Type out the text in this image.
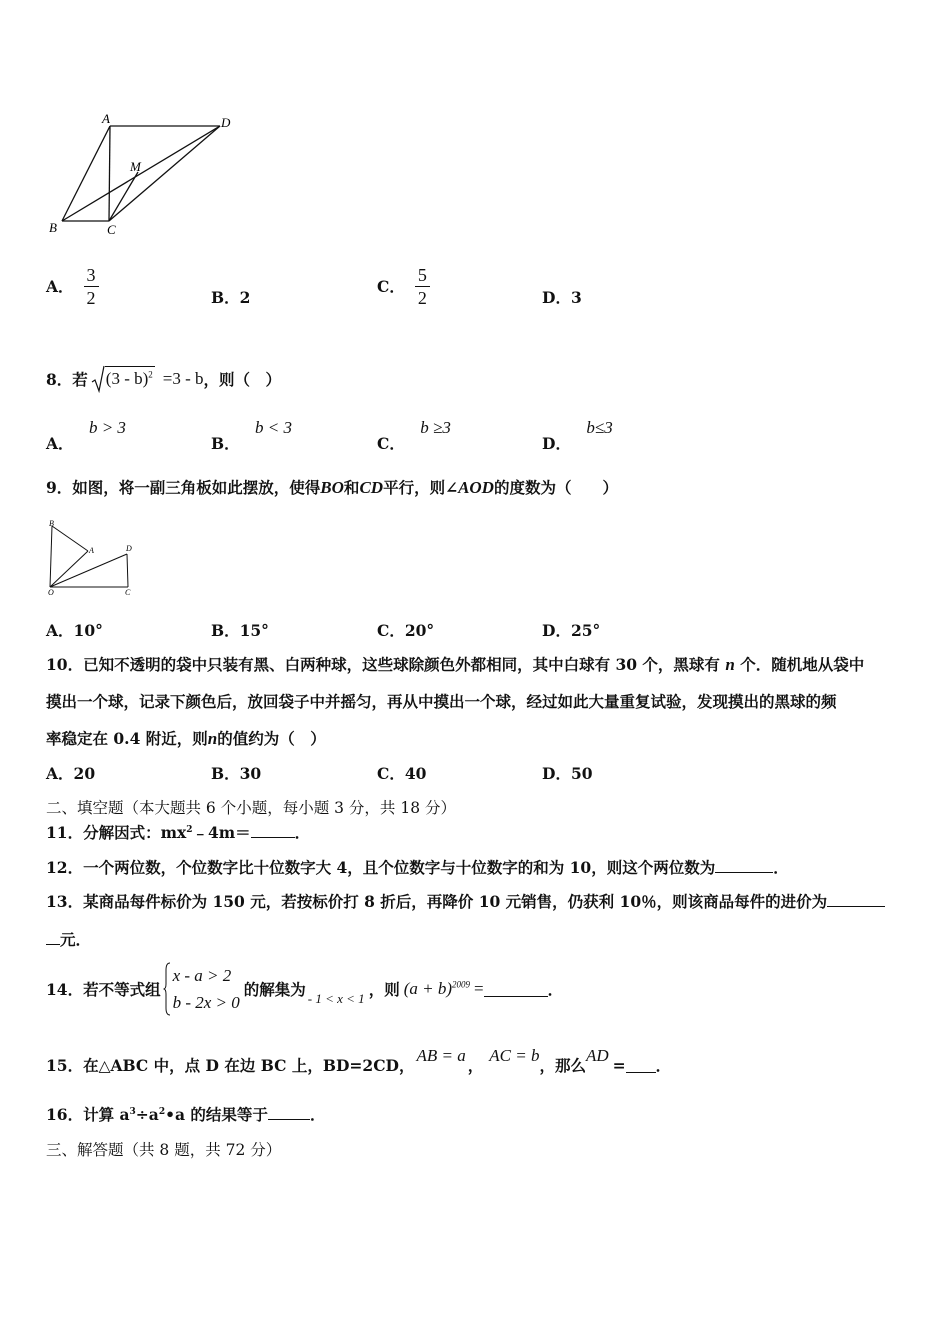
A	D
M
B	C
A． $\frac{3}{2}$	B．2
C． $\frac{5}{2}$	D．3
8．若 (3 - b)$^2$ =3 - b ，则（　）
A． b > 3
B． b < 3
C． b ≥3
D． b≤3
9．如图，将一副三角板如此摆放，使得BO和CD平行，则∠AOD的度数为（　　）
B
A	D
O	C
A．10°	B．15°	C．20°	D．25°
10．已知不透明的袋中只装有黑、白两种球，这些球除颜色外都相同，其中白球有 30 个，黑球有 n 个．随机地从袋中
摸出一个球，记录下颜色后，放回袋子中并摇匀，再从中摸出一个球，经过如此大量重复试验，发现摸出的黑球的频
率稳定在 0.4 附近，则n的值约为（　）
A．20	B．30	C．40	D．50
二、填空题（本大题共 6 个小题，每小题 3 分，共 18 分）
11．分解因式：$mx^2﹣4m=$	．
12．一个两位数，个位数字比十位数字大 4，且个位数字与十位数字的和为 10，则这个两位数为	．
13．某商品每件标价为 150 元，若按标价打 8 折后，再降价 10 元销售，仍获利 10％，则该商品每件的进价为
元．
14．若不等式组
x - a > 2
b - 2x > 0
的解集为 - 1 < x < 1 ，则 $(a + b)^{2009}$ =	．
15．在△ABC 中，点 D 在边 BC 上，BD=2CD，
AB = a
，
AC = b
，那么
AD = ．
16．计算 $a^3\div a^2•a$ 的结果等于	．
三、解答题（共 8 题，共 72 分）
